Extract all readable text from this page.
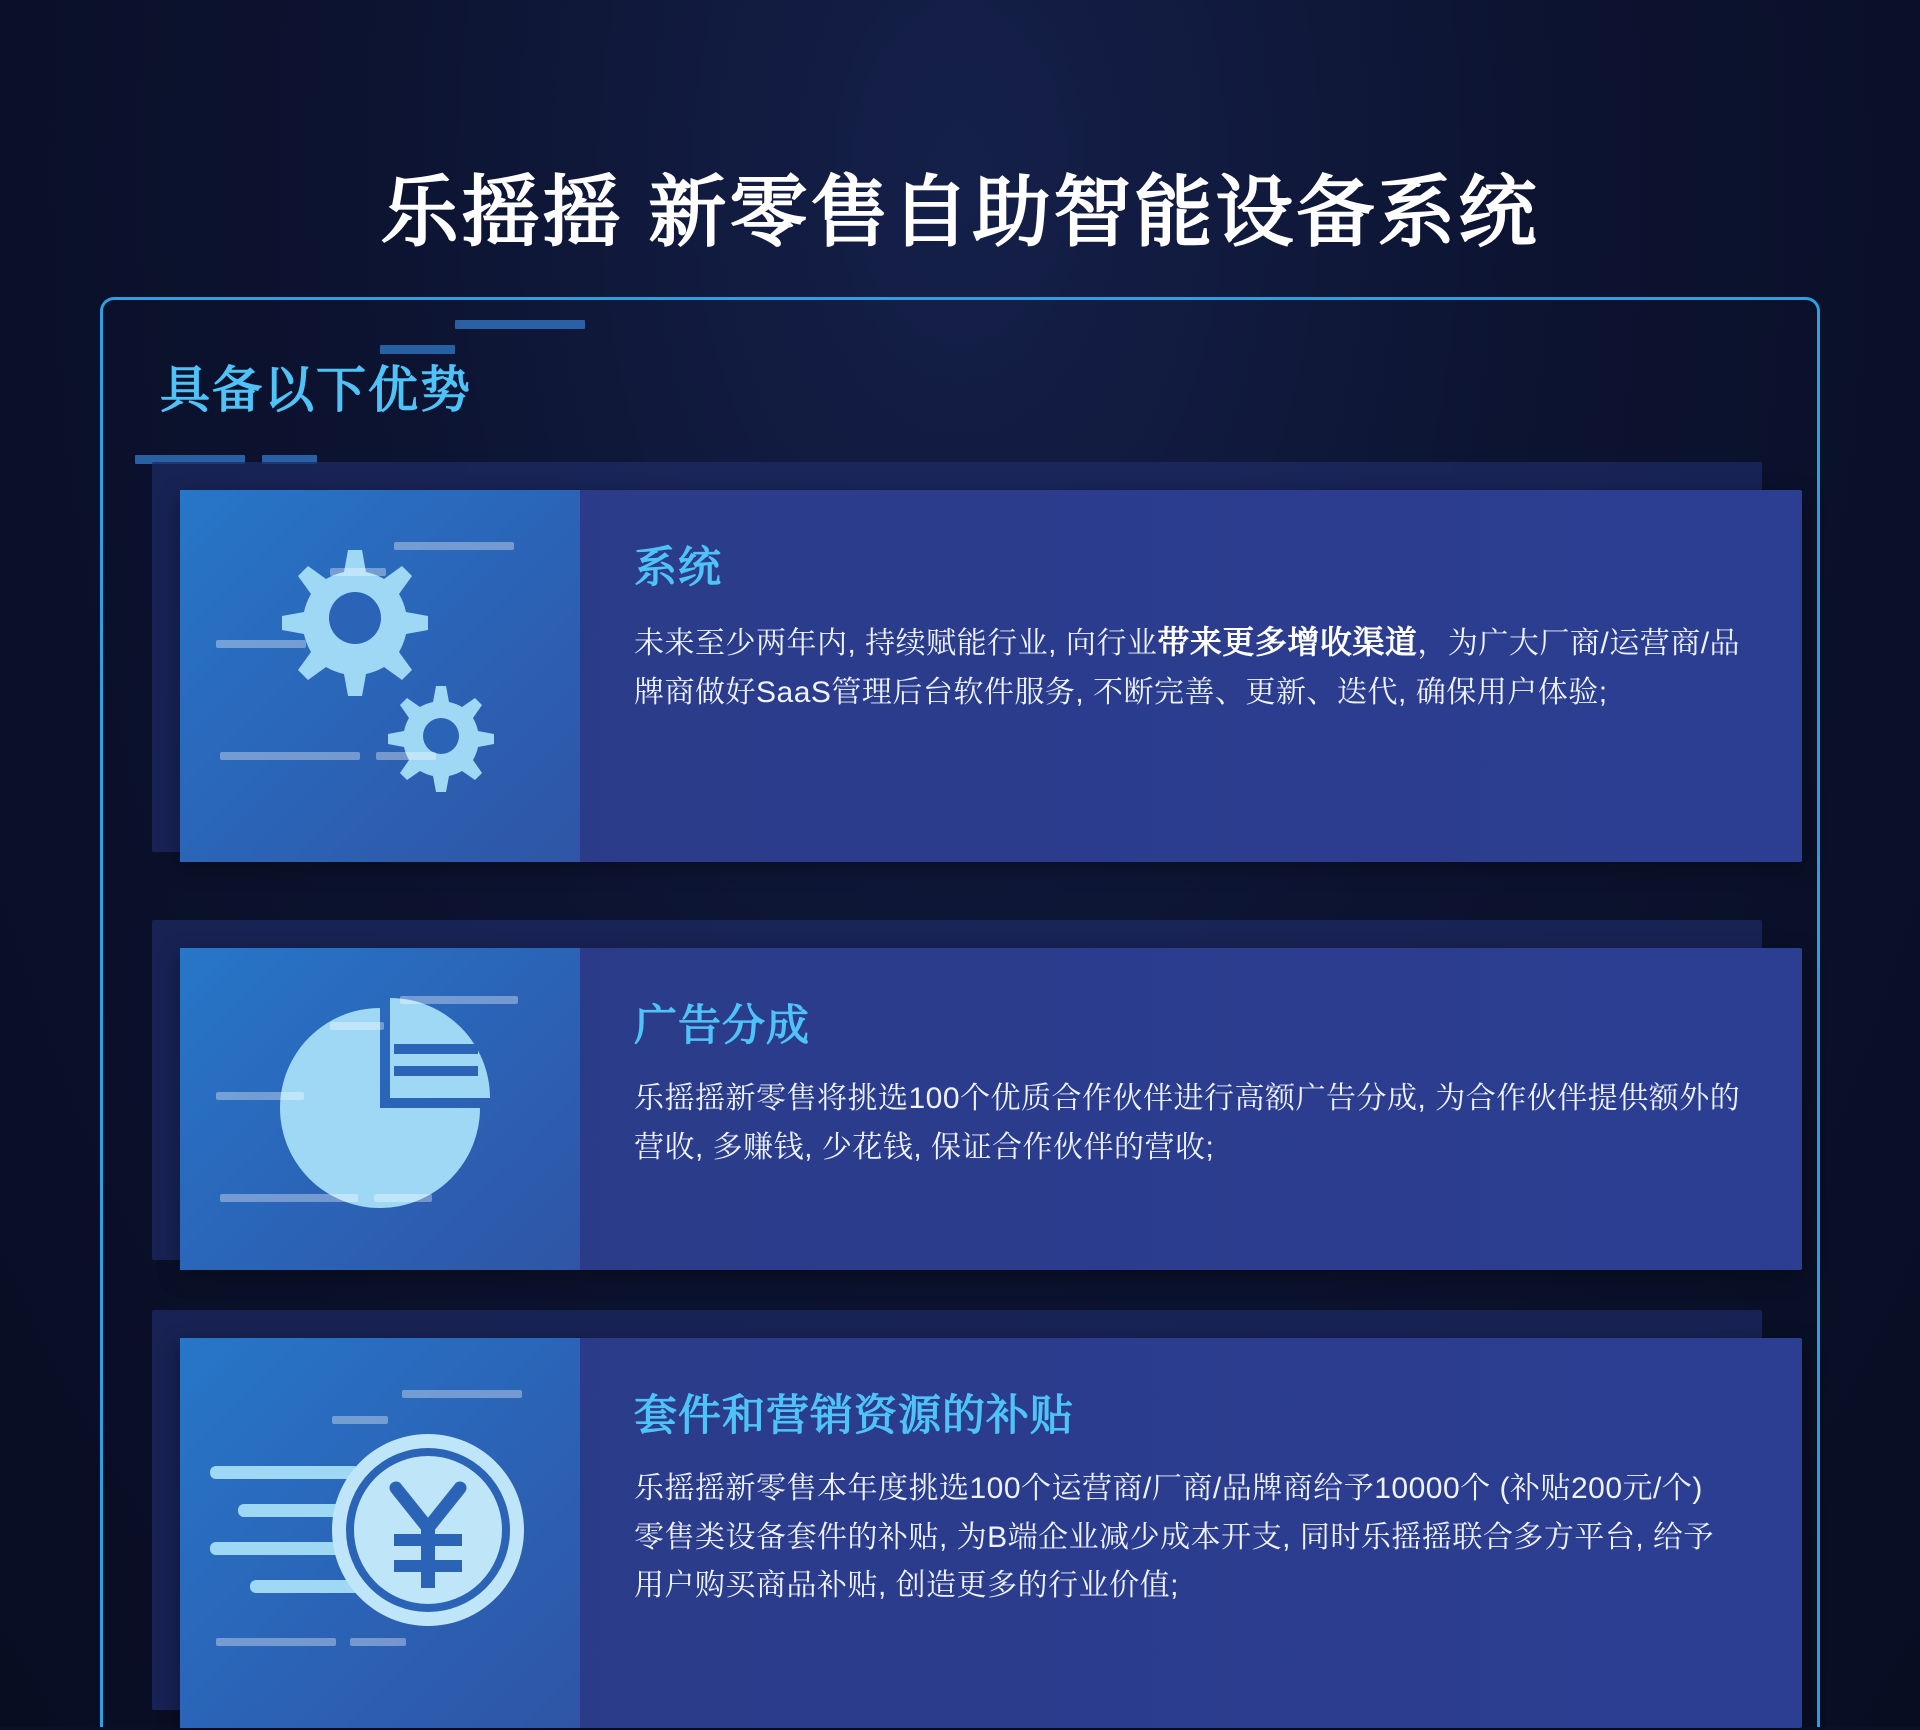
乐摇摇 新零售自助智能设备系统
具备以下优势
系统

未来至少两年内, 持续赋能行业, 向行业带来更多增收渠道，为广大厂商/运营商/品牌商做好SaaS管理后台软件服务, 不断完善、更新、迭代, 确保用户体验;

广告分成

乐摇摇新零售将挑选100个优质合作伙伴进行高额广告分成, 为合作伙伴提供额外的营收, 多赚钱, 少花钱, 保证合作伙伴的营收;

套件和营销资源的补贴

乐摇摇新零售本年度挑选100个运营商/厂商/品牌商给予10000个 (补贴200元/个) 零售类设备套件的补贴, 为B端企业减少成本开支, 同时乐摇摇联合多方平台, 给予用户购买商品补贴, 创造更多的行业价值;
